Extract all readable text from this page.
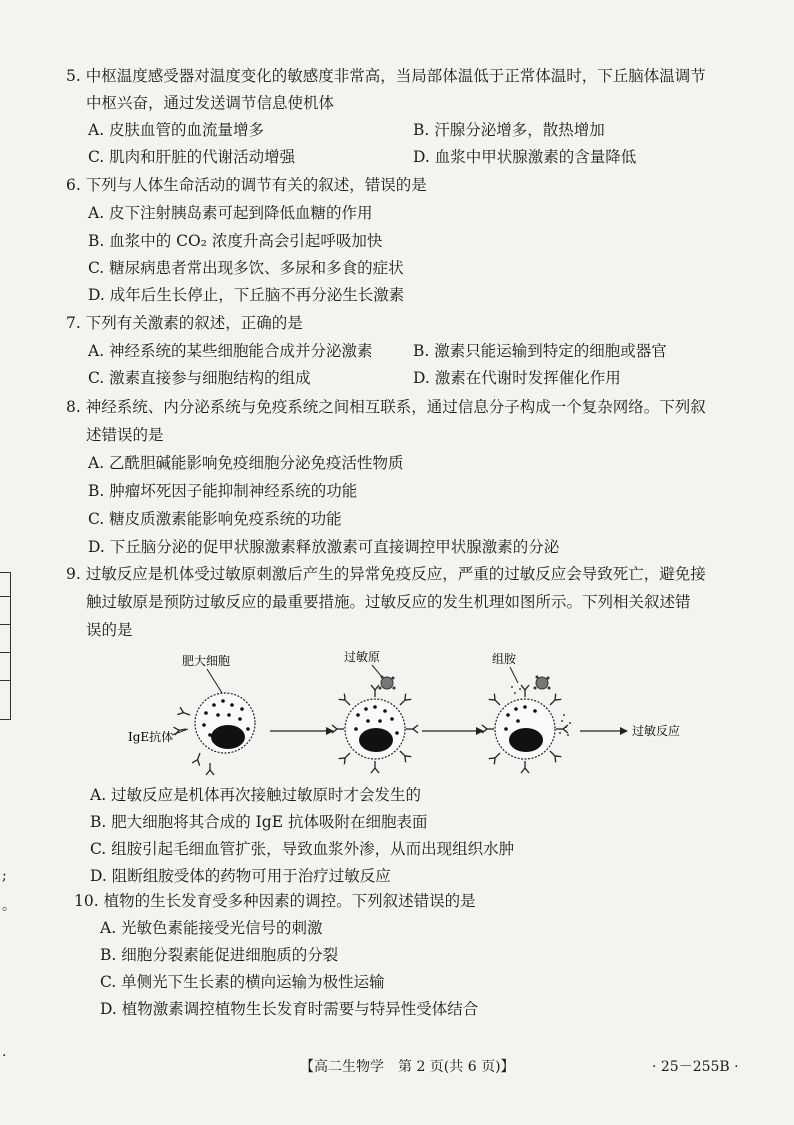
5. 中枢温度感受器对温度变化的敏感度非常高，当局部体温低于正常体温时，下丘脑体温调节
中枢兴奋，通过发送调节信息使机体
A. 皮肤血管的血流量增多	B. 汗腺分泌增多，散热增加
C. 肌肉和肝脏的代谢活动增强	D. 血浆中甲状腺激素的含量降低
6. 下列与人体生命活动的调节有关的叙述，错误的是
A. 皮下注射胰岛素可起到降低血糖的作用
B. 血浆中的 CO₂ 浓度升高会引起呼吸加快
C. 糖尿病患者常出现多饮、多尿和多食的症状
D. 成年后生长停止，下丘脑不再分泌生长激素
7. 下列有关激素的叙述，正确的是
A. 神经系统的某些细胞能合成并分泌激素	B. 激素只能运输到特定的细胞或器官
C. 激素直接参与细胞结构的组成	D. 激素在代谢时发挥催化作用
8. 神经系统、内分泌系统与免疫系统之间相互联系，通过信息分子构成一个复杂网络。下列叙
述错误的是
A. 乙酰胆碱能影响免疫细胞分泌免疫活性物质
B. 肿瘤坏死因子能抑制神经系统的功能
C. 糖皮质激素能影响免疫系统的功能
D. 下丘脑分泌的促甲状腺激素释放激素可直接调控甲状腺激素的分泌
9. 过敏反应是机体受过敏原刺激后产生的异常免疫反应，严重的过敏反应会导致死亡，避免接
触过敏原是预防过敏反应的最重要措施。过敏反应的发生机理如图所示。下列相关叙述错
误的是
肥大细胞
IgE抗体
过敏原	组胺
过敏反应
A. 过敏反应是机体再次接触过敏原时才会发生的
B. 肥大细胞将其合成的 IgE 抗体吸附在细胞表面
C. 组胺引起毛细血管扩张，导致血浆外渗，从而出现组织水肿
D. 阻断组胺受体的药物可用于治疗过敏反应
10. 植物的生长发育受多种因素的调控。下列叙述错误的是
A. 光敏色素能接受光信号的刺激
B. 细胞分裂素能促进细胞质的分裂
C. 单侧光下生长素的横向运输为极性运输
D. 植物激素调控植物生长发育时需要与特异性受体结合
;
。
.
【高二生物学　第 2 页(共 6 页)】	· 25－255B ·
